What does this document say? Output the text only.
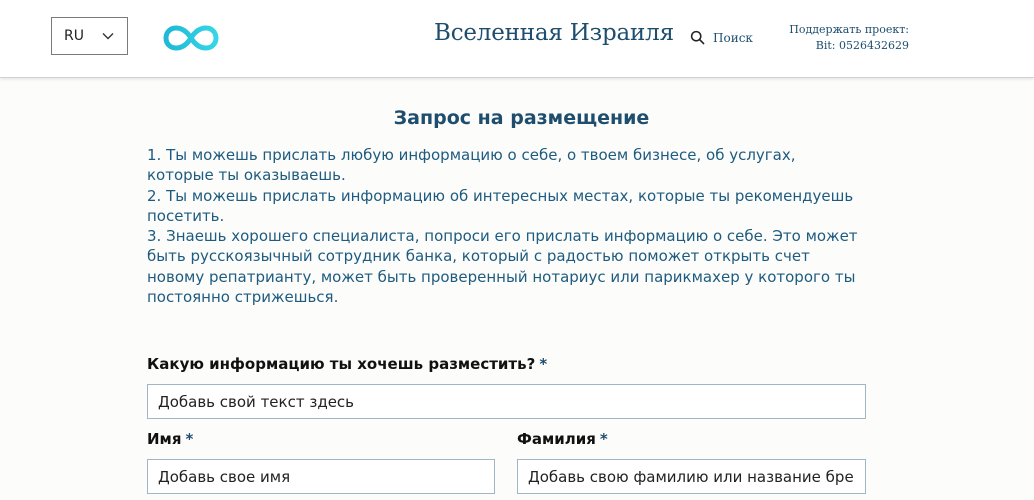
RU	Вселенная Израиля	Поиск
Поддержать проект:
Bit: 0526432629
Запрос на размещение

1. Ты можешь прислать любую информацию о себе, о твоем бизнесе, об услугах, которые ты оказываешь.

2. Ты можешь прислать информацию об интересных местах, которые ты рекомендуешь посетить.

3. Знаешь хорошего специалиста, попроси его прислать информацию о себе. Это может быть русскоязычный сотрудник банка, который с радостью поможет открыть счет новому репатрианту, может быть проверенный нотариус или парикмахер у которого ты постоянно стрижешься.

Какую информацию ты хочешь разместить? *
Добавь свой текст здесь
Имя *
Добавь свое имя	Фамилия *
Добавь свою фамилию или название бренда
